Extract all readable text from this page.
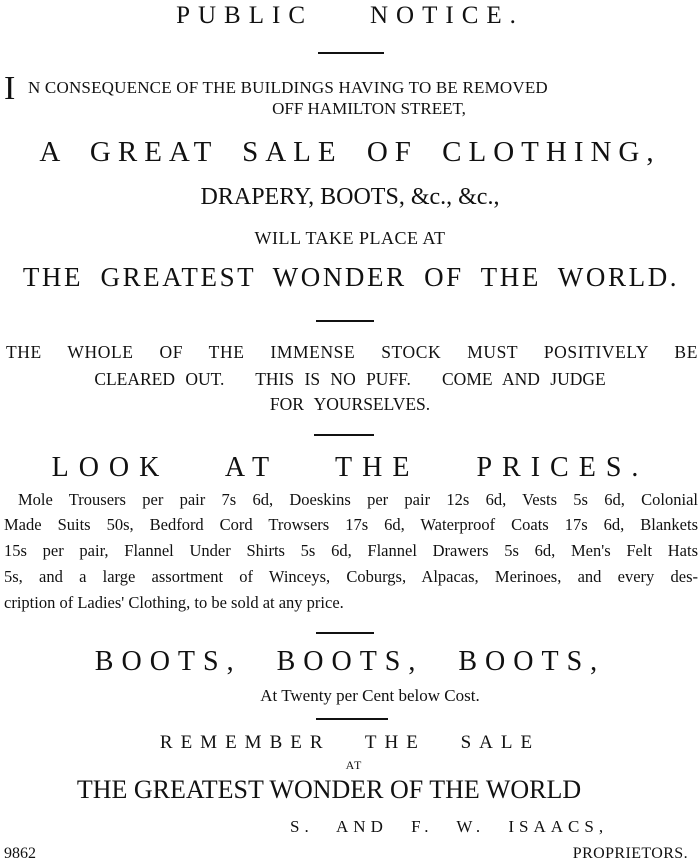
PUBLIC    NOTICE.
I N CONSEQUENCE OF THE BUILDINGS HAVING TO BE REMOVED
OFF HAMILTON STREET,
A GREAT SALE OF CLOTHING,
DRAPERY, BOOTS, &c., &c.,
WILL TAKE PLACE AT
THE GREATEST WONDER OF THE WORLD.
THE WHOLE OF THE IMMENSE STOCK MUST POSITIVELY BE
CLEARED OUT.   THIS IS NO PUFF.   COME AND JUDGE
FOR YOURSELVES.
LOOK AT THE PRICES.
Mole Trousers per pair 7s 6d, Doeskins per pair 12s 6d, Vests 5s 6d, Colonial
Made Suits 50s, Bedford Cord Trowsers 17s 6d, Waterproof Coats 17s 6d, Blankets
15s per pair, Flannel Under Shirts 5s 6d, Flannel Drawers 5s 6d, Men's Felt Hats
5s, and a large assortment of Winceys, Coburgs, Alpacas, Merinoes, and every des-
cription of Ladies' Clothing, to be sold at any price.
BOOTS, BOOTS, BOOTS,
At Twenty per Cent below Cost.
REMEMBER THE SALE
AT
THE GREATEST WONDER OF THE WORLD
S. AND F. W. ISAACS,
9862	PROPRIETORS.
